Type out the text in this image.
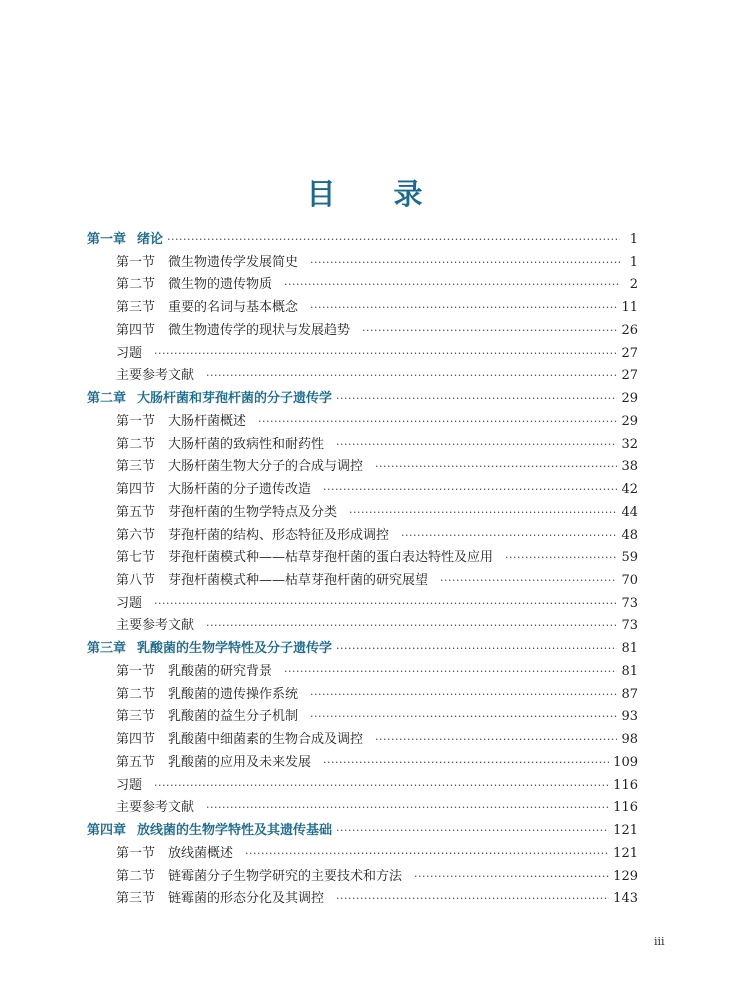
目 录
第一章 绪论 ·····	1
第一节 微生物遗传学发展简史 ·····	1
第二节 微生物的遗传物质 ·····	2
第三节 重要的名词与基本概念 ·····	11
第四节 微生物遗传学的现状与发展趋势 ·····	26
习题 ·····	27
主要参考文献 ·····	27
第二章 大肠杆菌和芽孢杆菌的分子遗传学 ·····	29
第一节 大肠杆菌概述 ·····	29
第二节 大肠杆菌的致病性和耐药性 ·····	32
第三节 大肠杆菌生物大分子的合成与调控 ·····	38
第四节 大肠杆菌的分子遗传改造 ·····	42
第五节 芽孢杆菌的生物学特点及分类 ·····	44
第六节 芽孢杆菌的结构、形态特征及形成调控 ·····	48
第七节 芽孢杆菌模式种——枯草芽孢杆菌的蛋白表达特性及应用 ·····	59
第八节 芽孢杆菌模式种——枯草芽孢杆菌的研究展望 ·····	70
习题 ·····	73
主要参考文献 ·····	73
第三章 乳酸菌的生物学特性及分子遗传学 ·····	81
第一节 乳酸菌的研究背景 ·····	81
第二节 乳酸菌的遗传操作系统 ·····	87
第三节 乳酸菌的益生分子机制 ·····	93
第四节 乳酸菌中细菌素的生物合成及调控 ·····	98
第五节 乳酸菌的应用及未来发展 ·····	109
习题 ·····	116
主要参考文献 ·····	116
第四章 放线菌的生物学特性及其遗传基础 ·····	121
第一节 放线菌概述 ·····	121
第二节 链霉菌分子生物学研究的主要技术和方法 ·····	129
第三节 链霉菌的形态分化及其调控 ·····	143
iii
